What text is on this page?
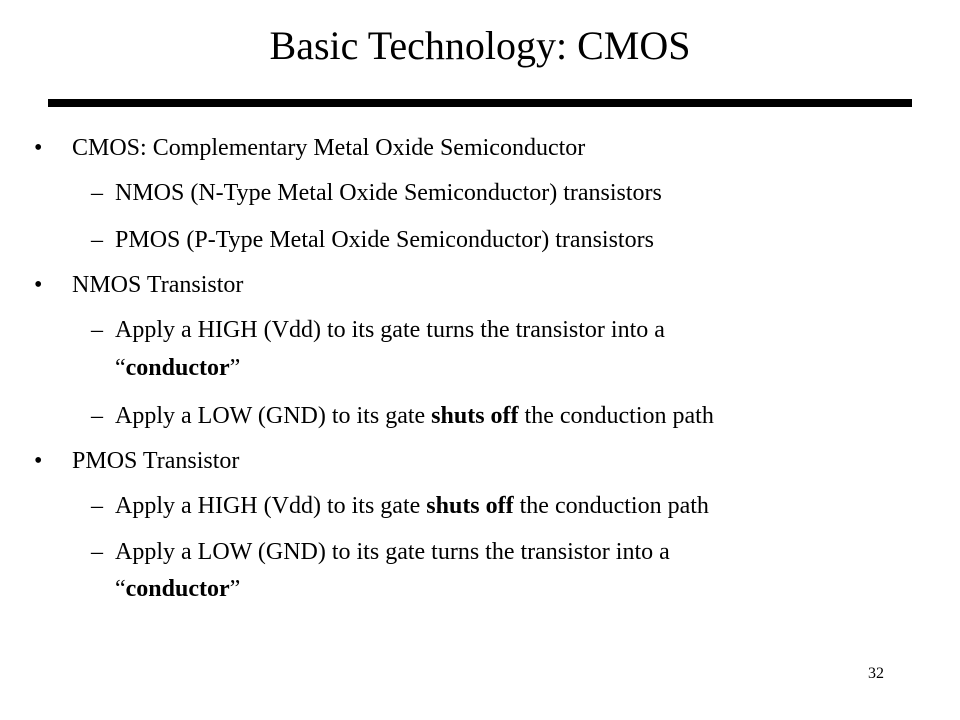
Basic Technology: CMOS
• CMOS: Complementary Metal Oxide Semiconductor
– NMOS (N-Type Metal Oxide Semiconductor) transistors
– PMOS (P-Type Metal Oxide Semiconductor) transistors
• NMOS Transistor
– Apply a HIGH (Vdd) to its gate turns the transistor into a
“conductor”
– Apply a LOW (GND) to its gate shuts off the conduction path
• PMOS Transistor
– Apply a HIGH (Vdd) to its gate shuts off the conduction path
– Apply a LOW (GND) to its gate turns the transistor into a
“conductor”
32
